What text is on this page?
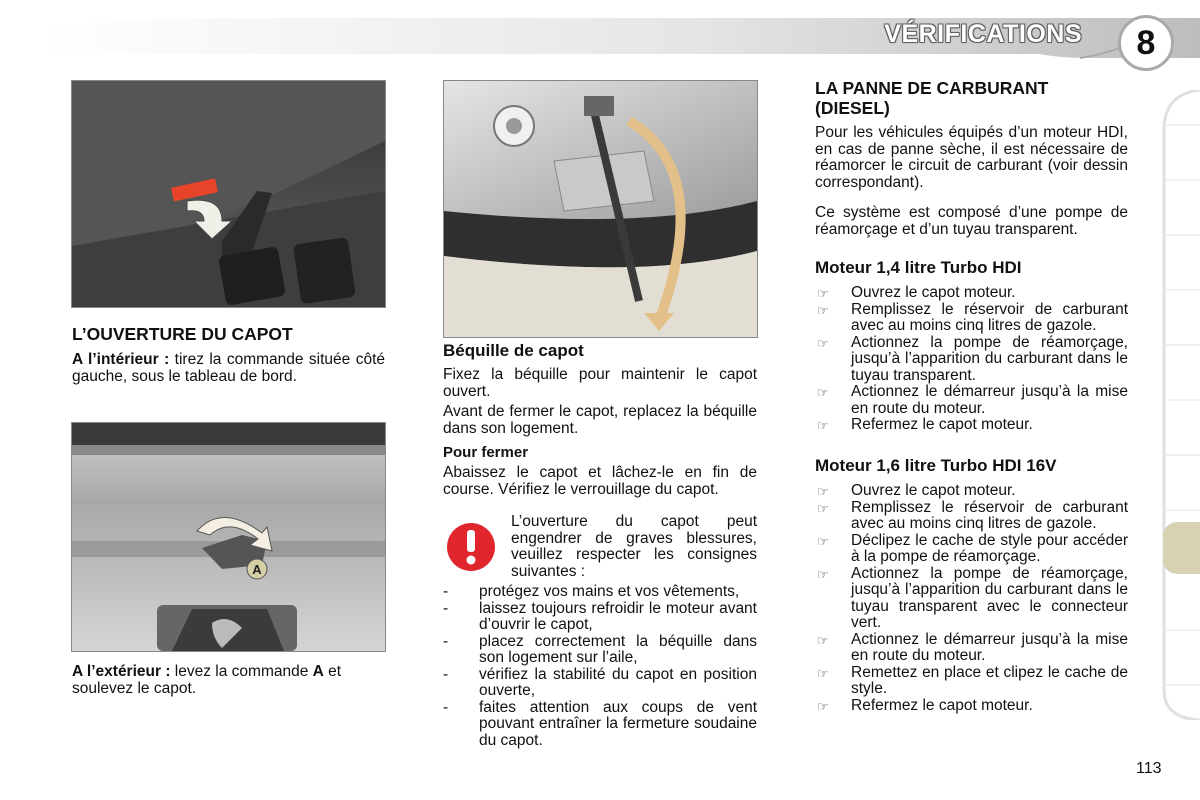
VÉRIFICATIONS	8
L’OUVERTURE DU CAPOT

A l’intérieur : tirez la commande située côté gauche, sous le tableau de bord.

A

A l’extérieur : levez la commande A et soulevez le capot.

Béquille de capot

Fixez la béquille pour maintenir le capot ouvert.

Avant de fermer le capot, replacez la béquille dans son logement.

Pour fermer

Abaissez le capot et lâchez-le en fin de course. Vérifiez le verrouillage du capot.

L’ouverture du capot peut engendrer de graves blessures, veuillez respecter les consignes suivantes :

- protégez vos mains et vos vêtements,
- laissez toujours refroidir le moteur avant d’ouvrir le capot,
- placez correctement la béquille dans son logement sur l’aile,
- vérifiez la stabilité du capot en position ouverte,
- faites attention aux coups de vent pouvant entraîner la fermeture soudaine du capot.
LA PANNE DE CARBURANT (DIESEL)

Pour les véhicules équipés d’un moteur HDI, en cas de panne sèche, il est nécessaire de réamorcer le circuit de carburant (voir dessin correspondant).

Ce système est composé d’une pompe de réamorçage et d’un tuyau transparent.

Moteur 1,4 litre Turbo HDI
☞ Ouvrez le capot moteur.
☞ Remplissez le réservoir de carburant avec au moins cinq litres de gazole.
☞ Actionnez la pompe de réamorçage, jusqu’à l’apparition du carburant dans le tuyau transparent.
☞ Actionnez le démarreur jusqu’à la mise en route du moteur.
☞ Refermez le capot moteur.
Moteur 1,6 litre Turbo HDI 16V
☞ Ouvrez le capot moteur.
☞ Remplissez le réservoir de carburant avec au moins cinq litres de gazole.
☞ Déclipez le cache de style pour accéder à la pompe de réamorçage.
☞ Actionnez la pompe de réamorçage, jusqu’à l’apparition du carburant dans le tuyau transparent avec le connecteur vert.
☞ Actionnez le démarreur jusqu’à la mise en route du moteur.
☞ Remettez en place et clipez le cache de style.
☞ Refermez le capot moteur.
113
